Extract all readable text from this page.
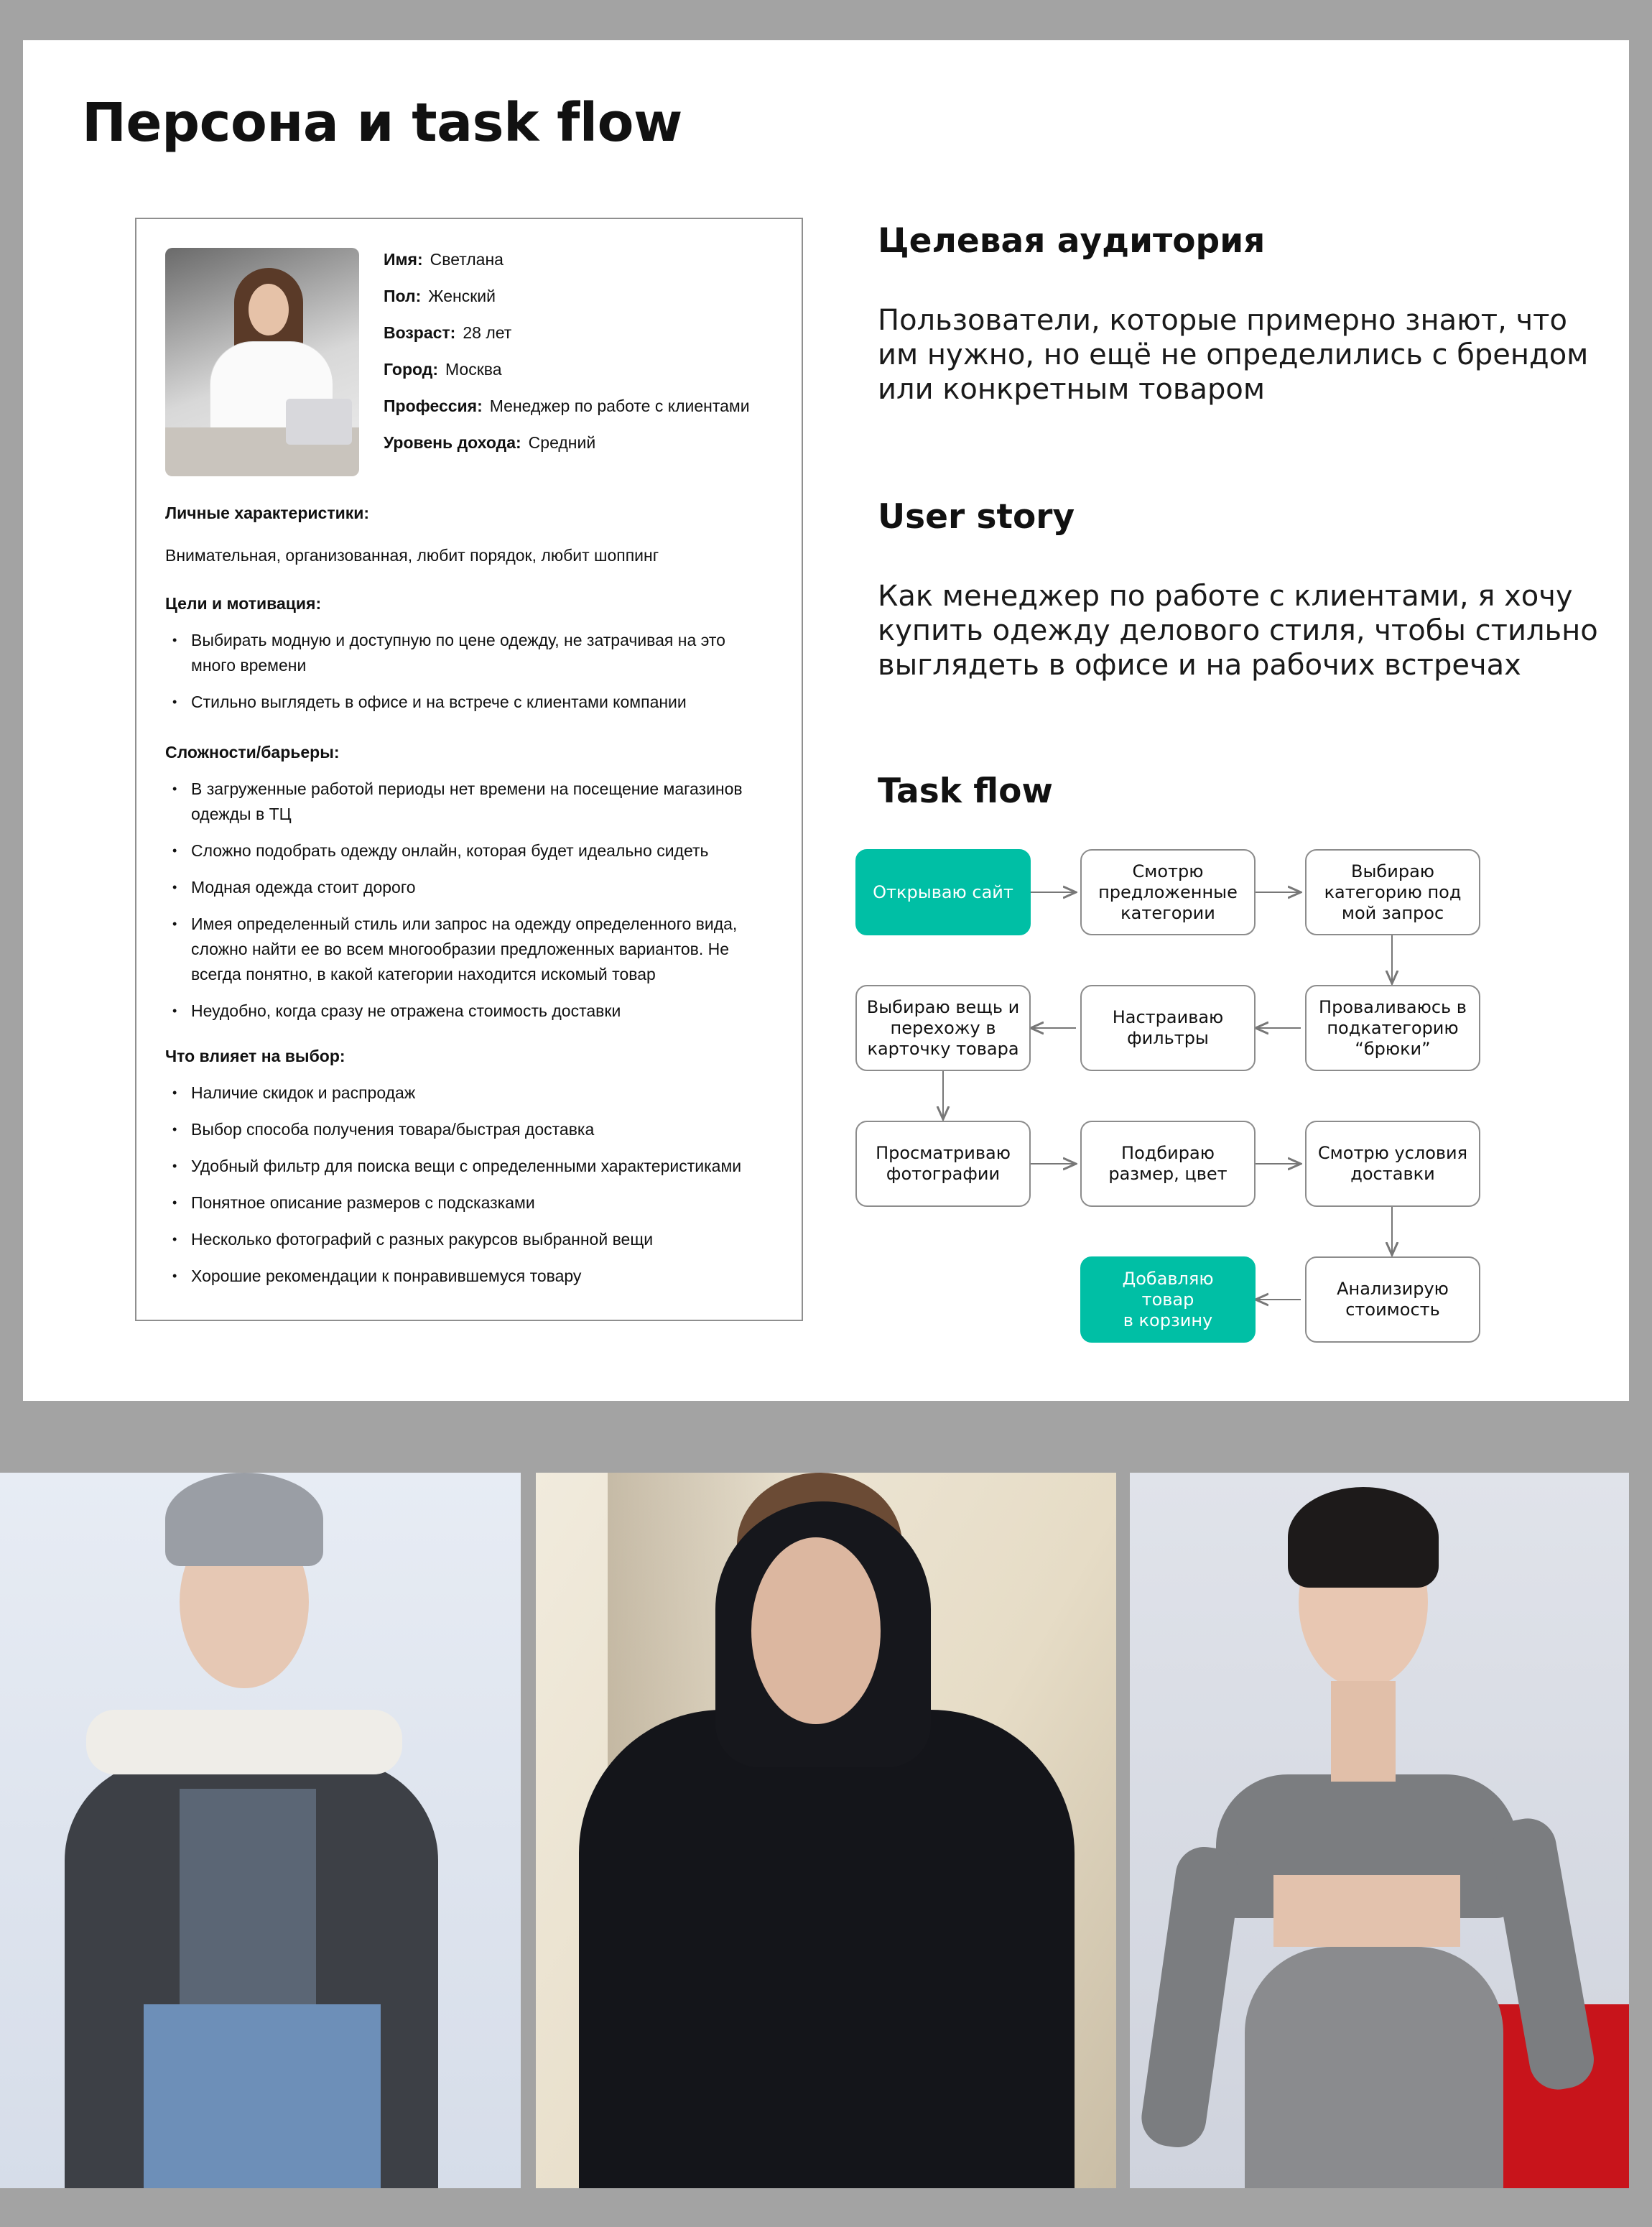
Персона и task flow
Имя: Светлана
Пол: Женский
Возраст: 28 лет
Город: Москва
Профессия: Менеджер по работе с клиентами
Уровень дохода: Средний
Личные характеристики:

Внимательная, организованная, любит порядок, любит шоппинг

Цели и мотивация:
• Выбирать модную и доступную по цене одежду, не затрачивая на это много времени
• Стильно выглядеть в офисе и на встрече с клиентами компании
Сложности/барьеры:
• В загруженные работой периоды нет времени на посещение магазинов одежды в ТЦ
• Сложно подобрать одежду онлайн, которая будет идеально сидеть
• Модная одежда стоит дорого
• Имея определенный стиль или запрос на одежду определенного вида, сложно найти ее во всем многообразии предложенных вариантов. Не всегда понятно, в какой категории находится искомый товар
• Неудобно, когда сразу не отражена стоимость доставки
Что влияет на выбор:
• Наличие скидок и распродаж
• Выбор способа получения товара/быстрая доставка
• Удобный фильтр для поиска вещи с определенными характеристиками
• Понятное описание размеров с подсказками
• Несколько фотографий с разных ракурсов выбранной вещи
• Хорошие рекомендации к понравившемуся товару
Целевая аудитория

Пользователи, которые примерно знают, что им нужно, но ещё не определились с брендом или конкретным товаром

User story

Как менеджер по работе с клиентами, я хочу купить одежду делового стиля, чтобы стильно выглядеть в офисе и на рабочих встречах

Task flow
Открываю сайт
Смотрю
предложенные
категории
Выбираю
категорию под
мой запрос
Проваливаюсь в
подкатегорию
“брюки”
Настраиваю
фильтры
Выбираю вещь и
перехожу в
карточку товара
Просматриваю
фотографии
Подбираю
размер, цвет
Смотрю условия
доставки
Анализирую
стоимость
Добавляю
товар
в корзину
